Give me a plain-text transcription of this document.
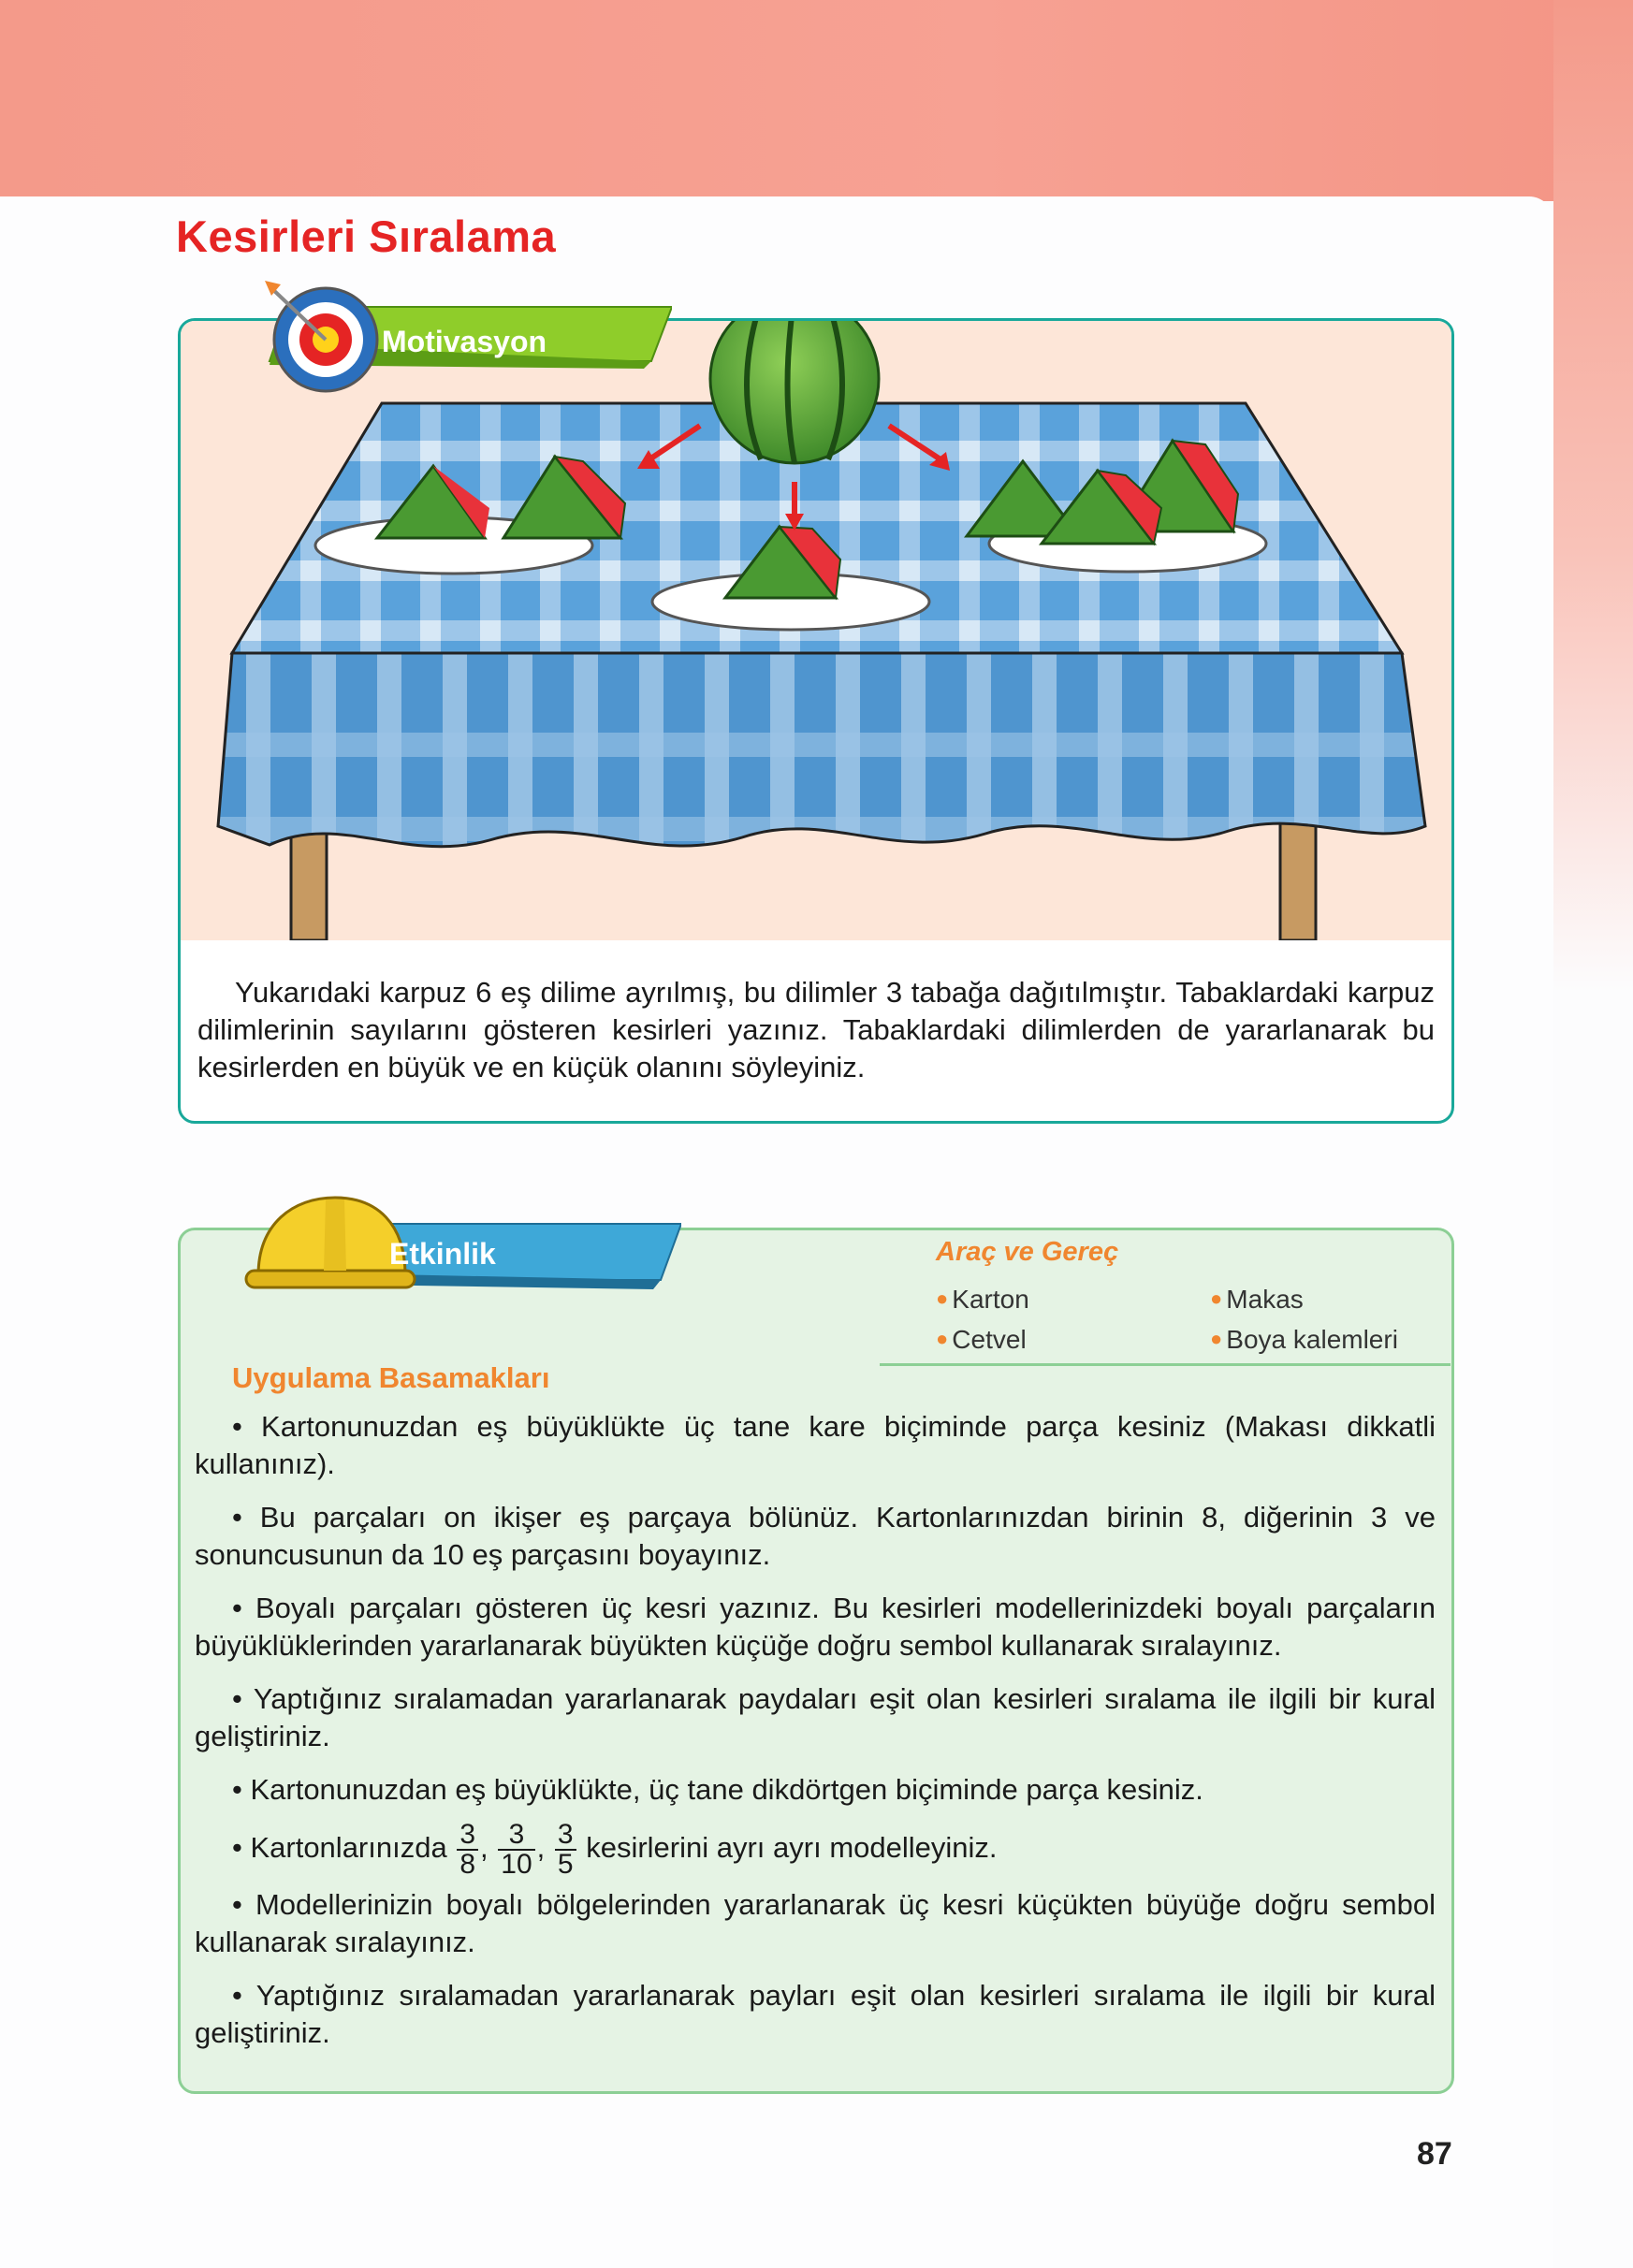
Kesirleri Sıralama
Yukarıdaki karpuz 6 eş dilime ayrılmış, bu dilimler 3 tabağa dağıtılmıştır. Tabaklardaki karpuz dilimlerinin sayılarını gösteren kesirleri yazınız. Tabaklardaki dilimlerden de yararlanarak bu kesirlerden en büyük ve en küçük olanını söyleyiniz.
Motivasyon
Etkinlik	Araç ve Gereç
● Karton	● Makas
● Cetvel	● Boya kalemleri
Uygulama Basamakları
• Kartonunuzdan eş büyüklükte üç tane kare biçiminde parça kesiniz (Makası dikkatli kullanınız).
• Bu parçaları on ikişer eş parçaya bölünüz. Kartonlarınızdan birinin 8, diğerinin 3 ve sonuncusunun da 10 eş parçasını boyayınız.
• Boyalı parçaları gösteren üç kesri yazınız. Bu kesirleri modellerinizdeki boyalı parçaların büyüklüklerinden yararlanarak büyükten küçüğe doğru sembol kullanarak sıralayınız.
• Yaptığınız sıralamadan yararlanarak paydaları eşit olan kesirleri sıralama ile ilgili bir kural geliştiriniz.
• Kartonunuzdan eş büyüklükte, üç tane dikdörtgen biçiminde parça kesiniz.
• Kartonlarınızda $\frac{3}{8}$ , $\frac{3}{10}$ , $\frac{3}{5}$ kesirlerini ayrı ayrı modelleyiniz.
• Modellerinizin boyalı bölgelerinden yararlanarak üç kesri küçükten büyüğe doğru sembol kullanarak sıralayınız.
• Yaptığınız sıralamadan yararlanarak payları eşit olan kesirleri sıralama ile ilgili bir kural geliştiriniz.
87
